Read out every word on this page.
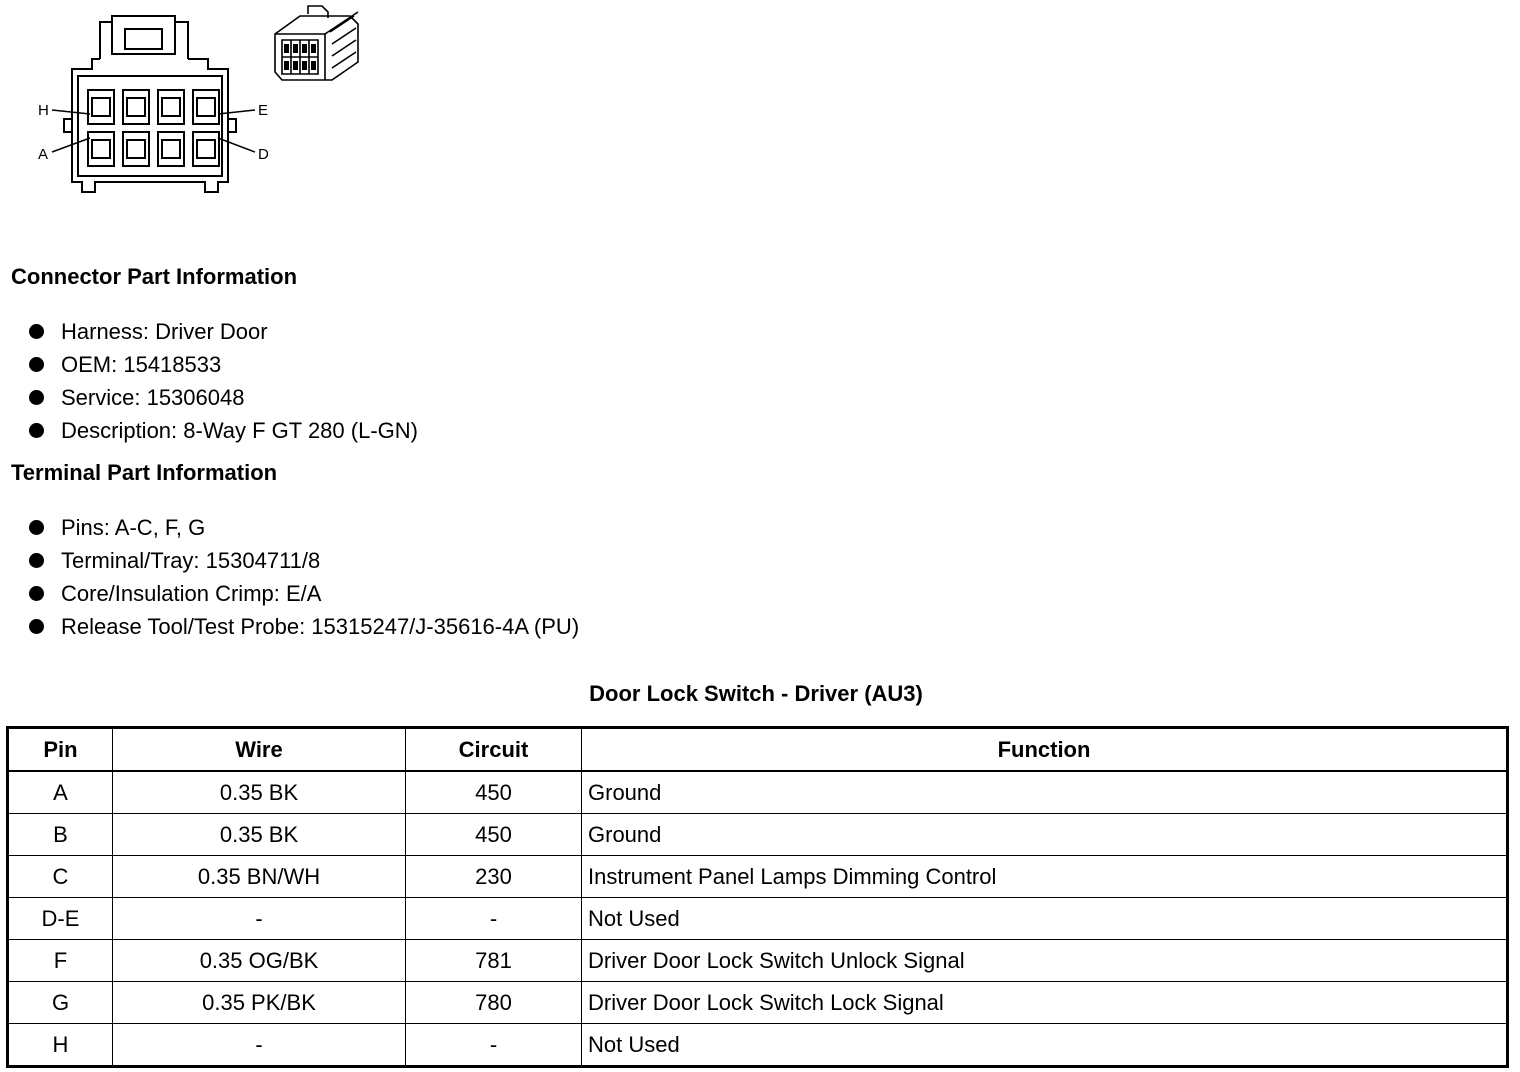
H
A
E
D
Connector Part Information
Harness: Driver Door
OEM: 15418533
Service: 15306048
Description: 8-Way F GT 280 (L-GN)
Terminal Part Information
Pins: A-C, F, G
Terminal/Tray: 15304711/8
Core/Insulation Crimp: E/A
Release Tool/Test Probe: 15315247/J-35616-4A (PU)
Door Lock Switch - Driver (AU3)
Pin	Wire	Circuit	Function
A	0.35 BK	450	Ground
B	0.35 BK	450	Ground
C	0.35 BN/WH	230	Instrument Panel Lamps Dimming Control
D-E	-	-	Not Used
F	0.35 OG/BK	781	Driver Door Lock Switch Unlock Signal
G	0.35 PK/BK	780	Driver Door Lock Switch Lock Signal
H	-	-	Not Used
